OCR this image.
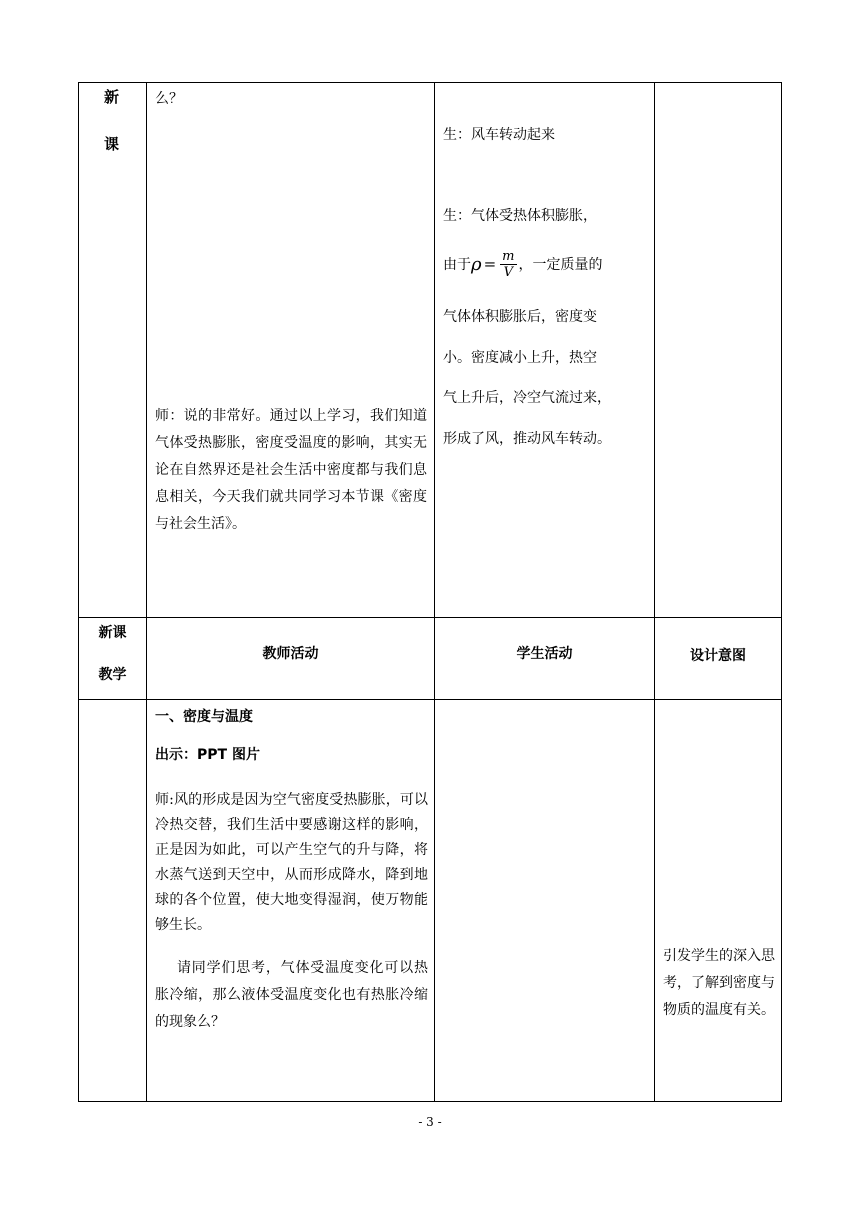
新
课
么？
师：说的非常好。通过以上学习，我们知道气体受热膨胀，密度受温度的影响，其实无论在自然界还是社会生活中密度都与我们息息相关，今天我们就共同学习本节课《密度与社会生活》。
生：风车转动起来
生：气体受热体积膨胀，
由于 $\rho = \frac{m}{V}$ ，一定质量的
气体体积膨胀后，密度变
小。密度减小上升，热空
气上升后，冷空气流过来，
形成了风，推动风车转动。
新课
教学
教师活动	学生活动	设计意图
一、密度与温度
出示：PPT 图片
师:风的形成是因为空气密度受热膨胀，可以冷热交替，我们生活中要感谢这样的影响，正是因为如此，可以产生空气的升与降，将水蒸气送到天空中，从而形成降水，降到地球的各个位置，使大地变得湿润，使万物能够生长。
请同学们思考，气体受温度变化可以热胀冷缩，那么液体受温度变化也有热胀冷缩的现象么？
引发学生的深入思考，了解到密度与物质的温度有关。
- 3 -
